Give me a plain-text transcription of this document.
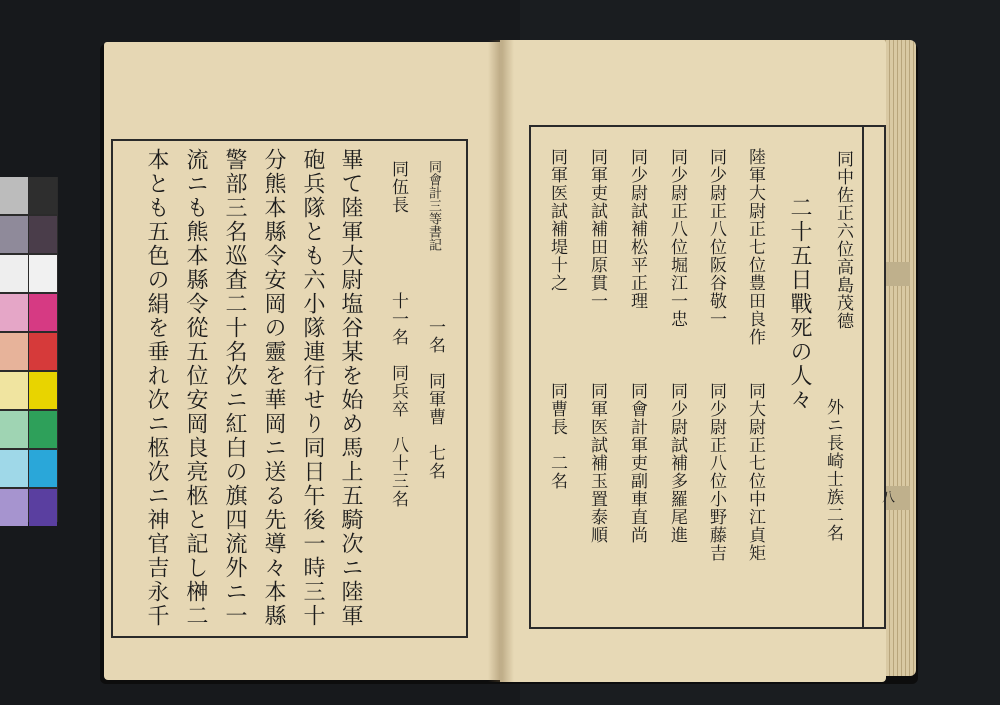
同會計三等書記
一名　同軍曹　七名
同伍長
十一名　同兵卒　八十三名
畢て陸軍大尉塩谷某を始め馬上五騎次ニ陸軍
砲兵隊とも六小隊連行せり同日午後一時三十
分熊本縣令安岡の靈を華岡ニ送る先導々本縣
警部三名巡査二十名次ニ紅白の旗四流外ニ一
流ニも熊本縣令從五位安岡良亮柩と記し榊二
本とも五色の絹を垂れ次ニ柩次ニ神官吉永千	同中佐正六位高島茂德
外ニ長崎士族二名
二十五日戰死の人々
陸軍大尉正七位豊田良作
同大尉正七位中江貞矩
同少尉正八位阪谷敬一
同少尉正八位小野藤吉
同少尉正八位堀江一忠
同少尉試補多羅尾進
同少尉試補松平正理
同會計軍吏副車直尚
同軍吏試補田原貫一
同軍医試補玉置泰順
同軍医試補堤十之
同曹長　二名
八
